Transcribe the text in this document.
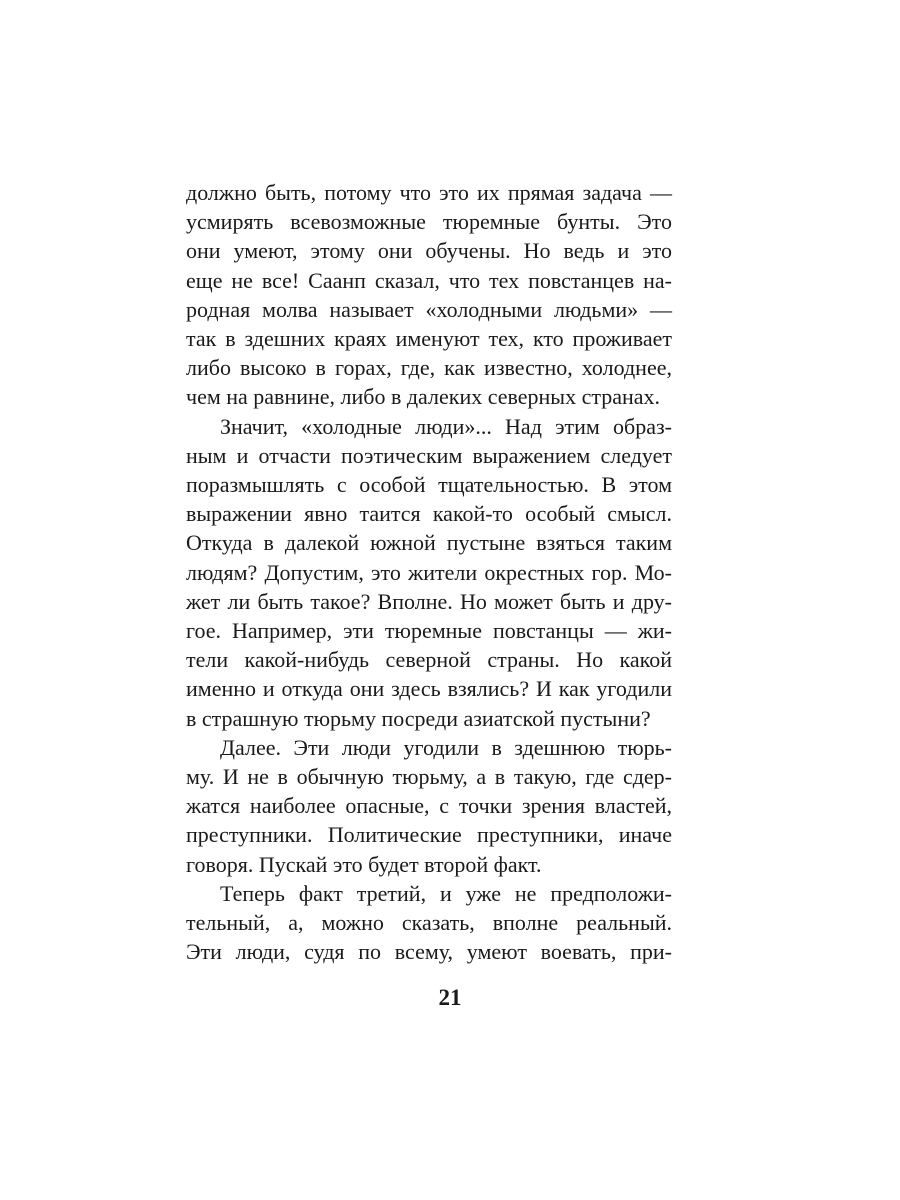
должно быть, потому что это их прямая задача —
усмирять всевозможные тюремные бунты. Это
они умеют, этому они обучены. Но ведь и это
еще не все! Саанп сказал, что тех повстанцев на-
родная молва называет «холодными людьми» —
так в здешних краях именуют тех, кто проживает
либо высоко в горах, где, как известно, холоднее,
чем на равнине, либо в далеких северных странах.

Значит, «холодные люди»... Над этим образ-
ным и отчасти поэтическим выражением следует
поразмышлять с особой тщательностью. В этом
выражении явно таится какой-то особый смысл.
Откуда в далекой южной пустыне взяться таким
людям? Допустим, это жители окрестных гор. Мо-
жет ли быть такое? Вполне. Но может быть и дру-
гое. Например, эти тюремные повстанцы — жи-
тели какой-нибудь северной страны. Но какой
именно и откуда они здесь взялись? И как угодили
в страшную тюрьму посреди азиатской пустыни?

Далее. Эти люди угодили в здешнюю тюрь-
му. И не в обычную тюрьму, а в такую, где сдер-
жатся наиболее опасные, с точки зрения властей,
преступники. Политические преступники, иначе
говоря. Пускай это будет второй факт.

Теперь факт третий, и уже не предположи-
тельный, а, можно сказать, вполне реальный.
Эти люди, судя по всему, умеют воевать, при-

21
